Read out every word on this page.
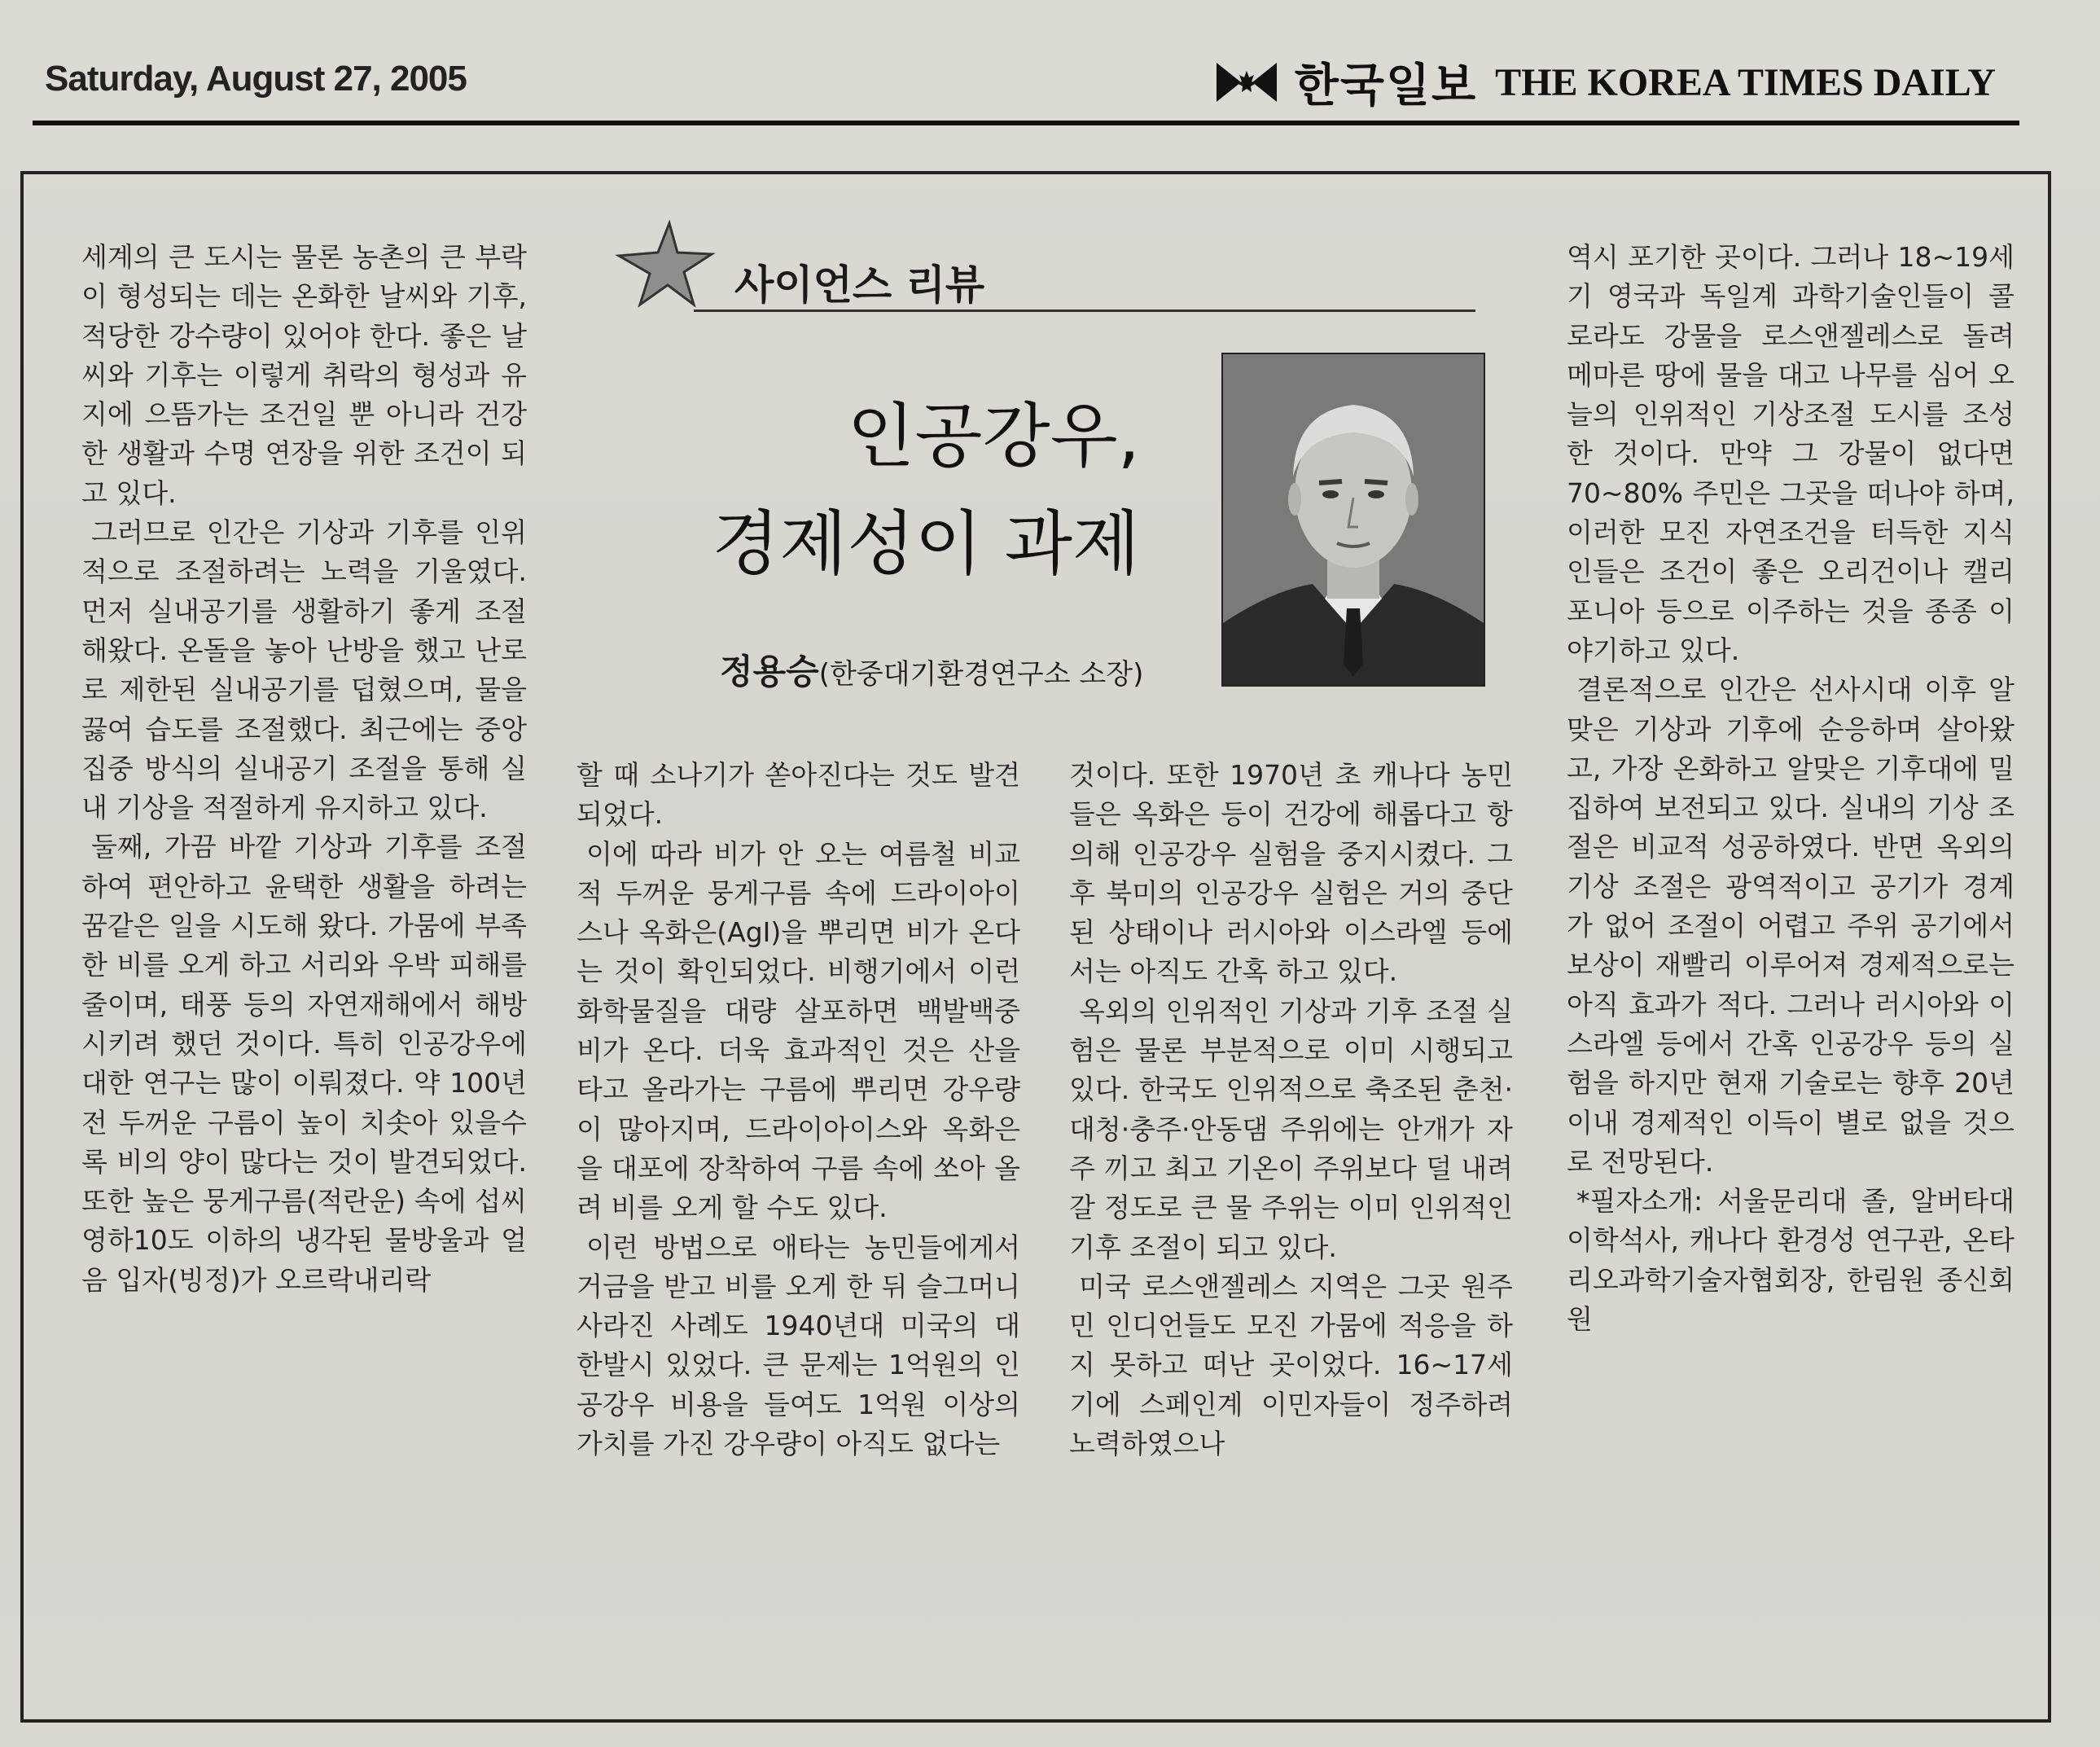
Saturday, August 27, 2005	한국일보 THE KOREA TIMES DAILY
사이언스 리뷰
인공강우,
경제성이 과제
정용승(한중대기환경연구소 소장)

세계의 큰 도시는 물론 농촌의 큰 부락이 형성되는 데는 온화한 날씨와 기후, 적당한 강수량이 있어야 한다. 좋은 날씨와 기후는 이렇게 취락의 형성과 유지에 으뜸가는 조건일 뿐 아니라 건강한 생활과 수명 연장을 위한 조건이 되고 있다.

그러므로 인간은 기상과 기후를 인위적으로 조절하려는 노력을 기울였다. 먼저 실내공기를 생활하기 좋게 조절해왔다. 온돌을 놓아 난방을 했고 난로로 제한된 실내공기를 덥혔으며, 물을 끓여 습도를 조절했다. 최근에는 중앙 집중 방식의 실내공기 조절을 통해 실내 기상을 적절하게 유지하고 있다.

둘째, 가끔 바깥 기상과 기후를 조절하여 편안하고 윤택한 생활을 하려는 꿈같은 일을 시도해 왔다. 가뭄에 부족한 비를 오게 하고 서리와 우박 피해를 줄이며, 태풍 등의 자연재해에서 해방시키려 했던 것이다. 특히 인공강우에 대한 연구는 많이 이뤄졌다. 약 100년 전 두꺼운 구름이 높이 치솟아 있을수록 비의 양이 많다는 것이 발견되었다. 또한 높은 뭉게구름(적란운) 속에 섭씨 영하10도 이하의 냉각된 물방울과 얼음 입자(빙정)가 오르락내리락

할 때 소나기가 쏟아진다는 것도 발견되었다.

이에 따라 비가 안 오는 여름철 비교적 두꺼운 뭉게구름 속에 드라이아이스나 옥화은(AgI)을 뿌리면 비가 온다는 것이 확인되었다. 비행기에서 이런 화학물질을 대량 살포하면 백발백중 비가 온다. 더욱 효과적인 것은 산을 타고 올라가는 구름에 뿌리면 강우량이 많아지며, 드라이아이스와 옥화은을 대포에 장착하여 구름 속에 쏘아 올려 비를 오게 할 수도 있다.

이런 방법으로 애타는 농민들에게서 거금을 받고 비를 오게 한 뒤 슬그머니 사라진 사례도 1940년대 미국의 대 한발시 있었다. 큰 문제는 1억원의 인공강우 비용을 들여도 1억원 이상의 가치를 가진 강우량이 아직도 없다는

것이다. 또한 1970년 초 캐나다 농민들은 옥화은 등이 건강에 해롭다고 항의해 인공강우 실험을 중지시켰다. 그후 북미의 인공강우 실험은 거의 중단된 상태이나 러시아와 이스라엘 등에서는 아직도 간혹 하고 있다.

옥외의 인위적인 기상과 기후 조절 실험은 물론 부분적으로 이미 시행되고 있다. 한국도 인위적으로 축조된 춘천·대청·충주·안동댐 주위에는 안개가 자주 끼고 최고 기온이 주위보다 덜 내려갈 정도로 큰 물 주위는 이미 인위적인 기후 조절이 되고 있다.

미국 로스앤젤레스 지역은 그곳 원주민 인디언들도 모진 가뭄에 적응을 하지 못하고 떠난 곳이었다. 16~17세기에 스페인계 이민자들이 정주하려 노력하였으나

역시 포기한 곳이다. 그러나 18~19세기 영국과 독일계 과학기술인들이 콜로라도 강물을 로스앤젤레스로 돌려 메마른 땅에 물을 대고 나무를 심어 오늘의 인위적인 기상조절 도시를 조성한 것이다. 만약 그 강물이 없다면 70~80% 주민은 그곳을 떠나야 하며, 이러한 모진 자연조건을 터득한 지식인들은 조건이 좋은 오리건이나 캘리포니아 등으로 이주하는 것을 종종 이야기하고 있다.

결론적으로 인간은 선사시대 이후 알맞은 기상과 기후에 순응하며 살아왔고, 가장 온화하고 알맞은 기후대에 밀집하여 보전되고 있다. 실내의 기상 조절은 비교적 성공하였다. 반면 옥외의 기상 조절은 광역적이고 공기가 경계가 없어 조절이 어렵고 주위 공기에서 보상이 재빨리 이루어져 경제적으로는 아직 효과가 적다. 그러나 러시아와 이스라엘 등에서 간혹 인공강우 등의 실험을 하지만 현재 기술로는 향후 20년 이내 경제적인 이득이 별로 없을 것으로 전망된다.

*필자소개: 서울문리대 졸, 알버타대 이학석사, 캐나다 환경성 연구관, 온타리오과학기술자협회장, 한림원 종신회원
